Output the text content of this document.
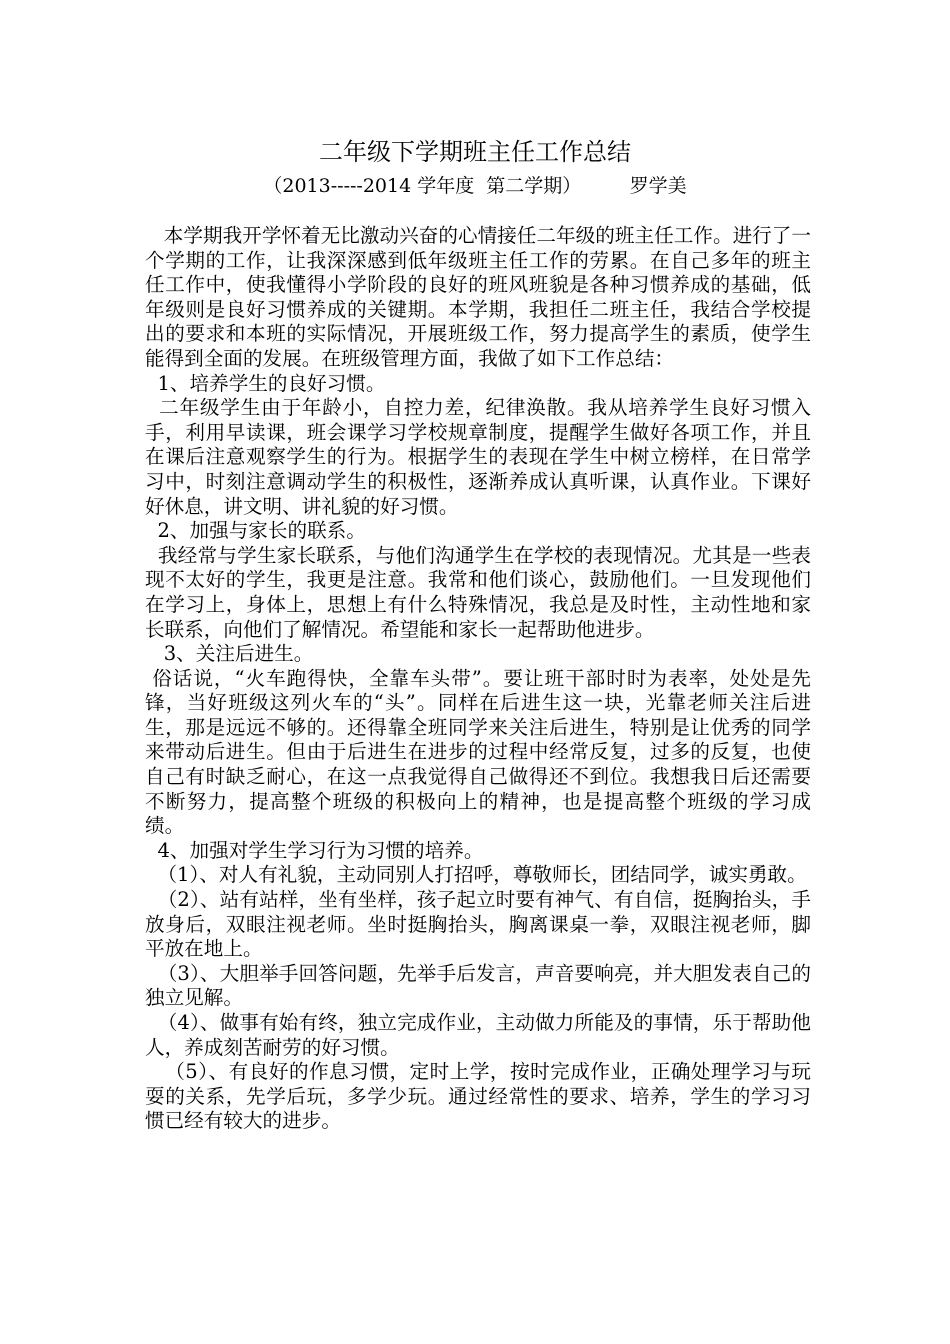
二年级下学期班主任工作总结
（2013-----2014 学年度  第二学期）        罗学美

本学期我开学怀着无比激动兴奋的心情接任二年级的班主任工作。进行了一个学期的工作，让我深深感到低年级班主任工作的劳累。在自己多年的班主任工作中，使我懂得小学阶段的良好的班风班貌是各种习惯养成的基础，低年级则是良好习惯养成的关键期。本学期，我担任二班主任，我结合学校提出的要求和本班的实际情况，开展班级工作，努力提高学生的素质，使学生能得到全面的发展。在班级管理方面，我做了如下工作总结：

1、培养学生的良好习惯。

二年级学生由于年龄小，自控力差，纪律涣散。我从培养学生良好习惯入手，利用早读课，班会课学习学校规章制度，提醒学生做好各项工作，并且在课后注意观察学生的行为。根据学生的表现在学生中树立榜样，在日常学习中，时刻注意调动学生的积极性，逐渐养成认真听课，认真作业。下课好好休息，讲文明、讲礼貌的好习惯。

2、加强与家长的联系。

我经常与学生家长联系，与他们沟通学生在学校的表现情况。尤其是一些表现不太好的学生，我更是注意。我常和他们谈心，鼓励他们。一旦发现他们在学习上，身体上，思想上有什么特殊情况，我总是及时性，主动性地和家长联系，向他们了解情况。希望能和家长一起帮助他进步。

3、关注后进生。

俗话说，“火车跑得快，全靠车头带”。要让班干部时时为表率，处处是先锋，当好班级这列火车的“头”。同样在后进生这一块，光靠老师关注后进生，那是远远不够的。还得靠全班同学来关注后进生，特别是让优秀的同学来带动后进生。但由于后进生在进步的过程中经常反复，过多的反复，也使自己有时缺乏耐心，在这一点我觉得自己做得还不到位。我想我日后还需要不断努力，提高整个班级的积极向上的精神，也是提高整个班级的学习成绩。

4、加强对学生学习行为习惯的培养。

（1）、对人有礼貌，主动同别人打招呼，尊敬师长，团结同学，诚实勇敢。

（2）、站有站样，坐有坐样，孩子起立时要有神气、有自信，挺胸抬头，手放身后，双眼注视老师。坐时挺胸抬头，胸离课桌一拳，双眼注视老师，脚平放在地上。

（3）、大胆举手回答问题，先举手后发言，声音要响亮，并大胆发表自己的独立见解。

（4）、做事有始有终，独立完成作业，主动做力所能及的事情，乐于帮助他人，养成刻苦耐劳的好习惯。

（5）、有良好的作息习惯，定时上学，按时完成作业，正确处理学习与玩耍的关系，先学后玩，多学少玩。通过经常性的要求、培养，学生的学习习惯已经有较大的进步。
